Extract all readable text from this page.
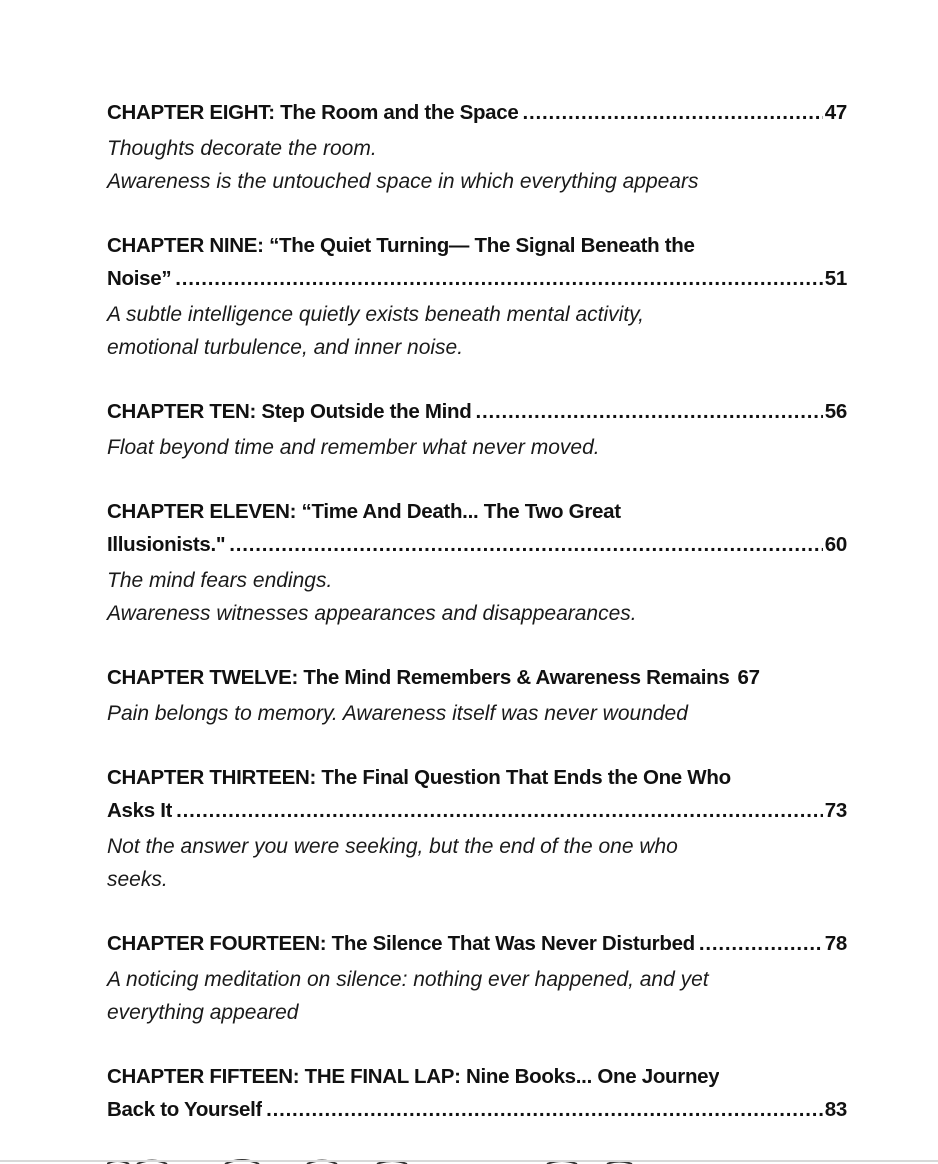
CHAPTER EIGHT: The Room and the Space .....	47

Thoughts decorate the room.

Awareness is the untouched space in which everything appears

CHAPTER NINE: “The Quiet Turning— The Signal Beneath the
Noise” .....	51

A subtle intelligence quietly exists beneath mental activity,

emotional turbulence, and inner noise.

CHAPTER TEN: Step Outside the Mind .....	56

Float beyond time and remember what never moved.

CHAPTER ELEVEN: “Time And Death... The Two Great
Illusionists." .....	60

The mind fears endings.

Awareness witnesses appearances and disappearances.

CHAPTER TWELVE: The Mind Remembers & Awareness Remains 67

Pain belongs to memory. Awareness itself was never wounded

CHAPTER THIRTEEN: The Final Question That Ends the One Who
Asks It .....	73

Not the answer you were seeking, but the end of the one who

seeks.

CHAPTER FOURTEEN: The Silence That Was Never Disturbed .....	78

A noticing meditation on silence: nothing ever happened, and yet

everything appeared

CHAPTER FIFTEEN: THE FINAL LAP: Nine Books... One Journey
Back to Yourself .....	83
